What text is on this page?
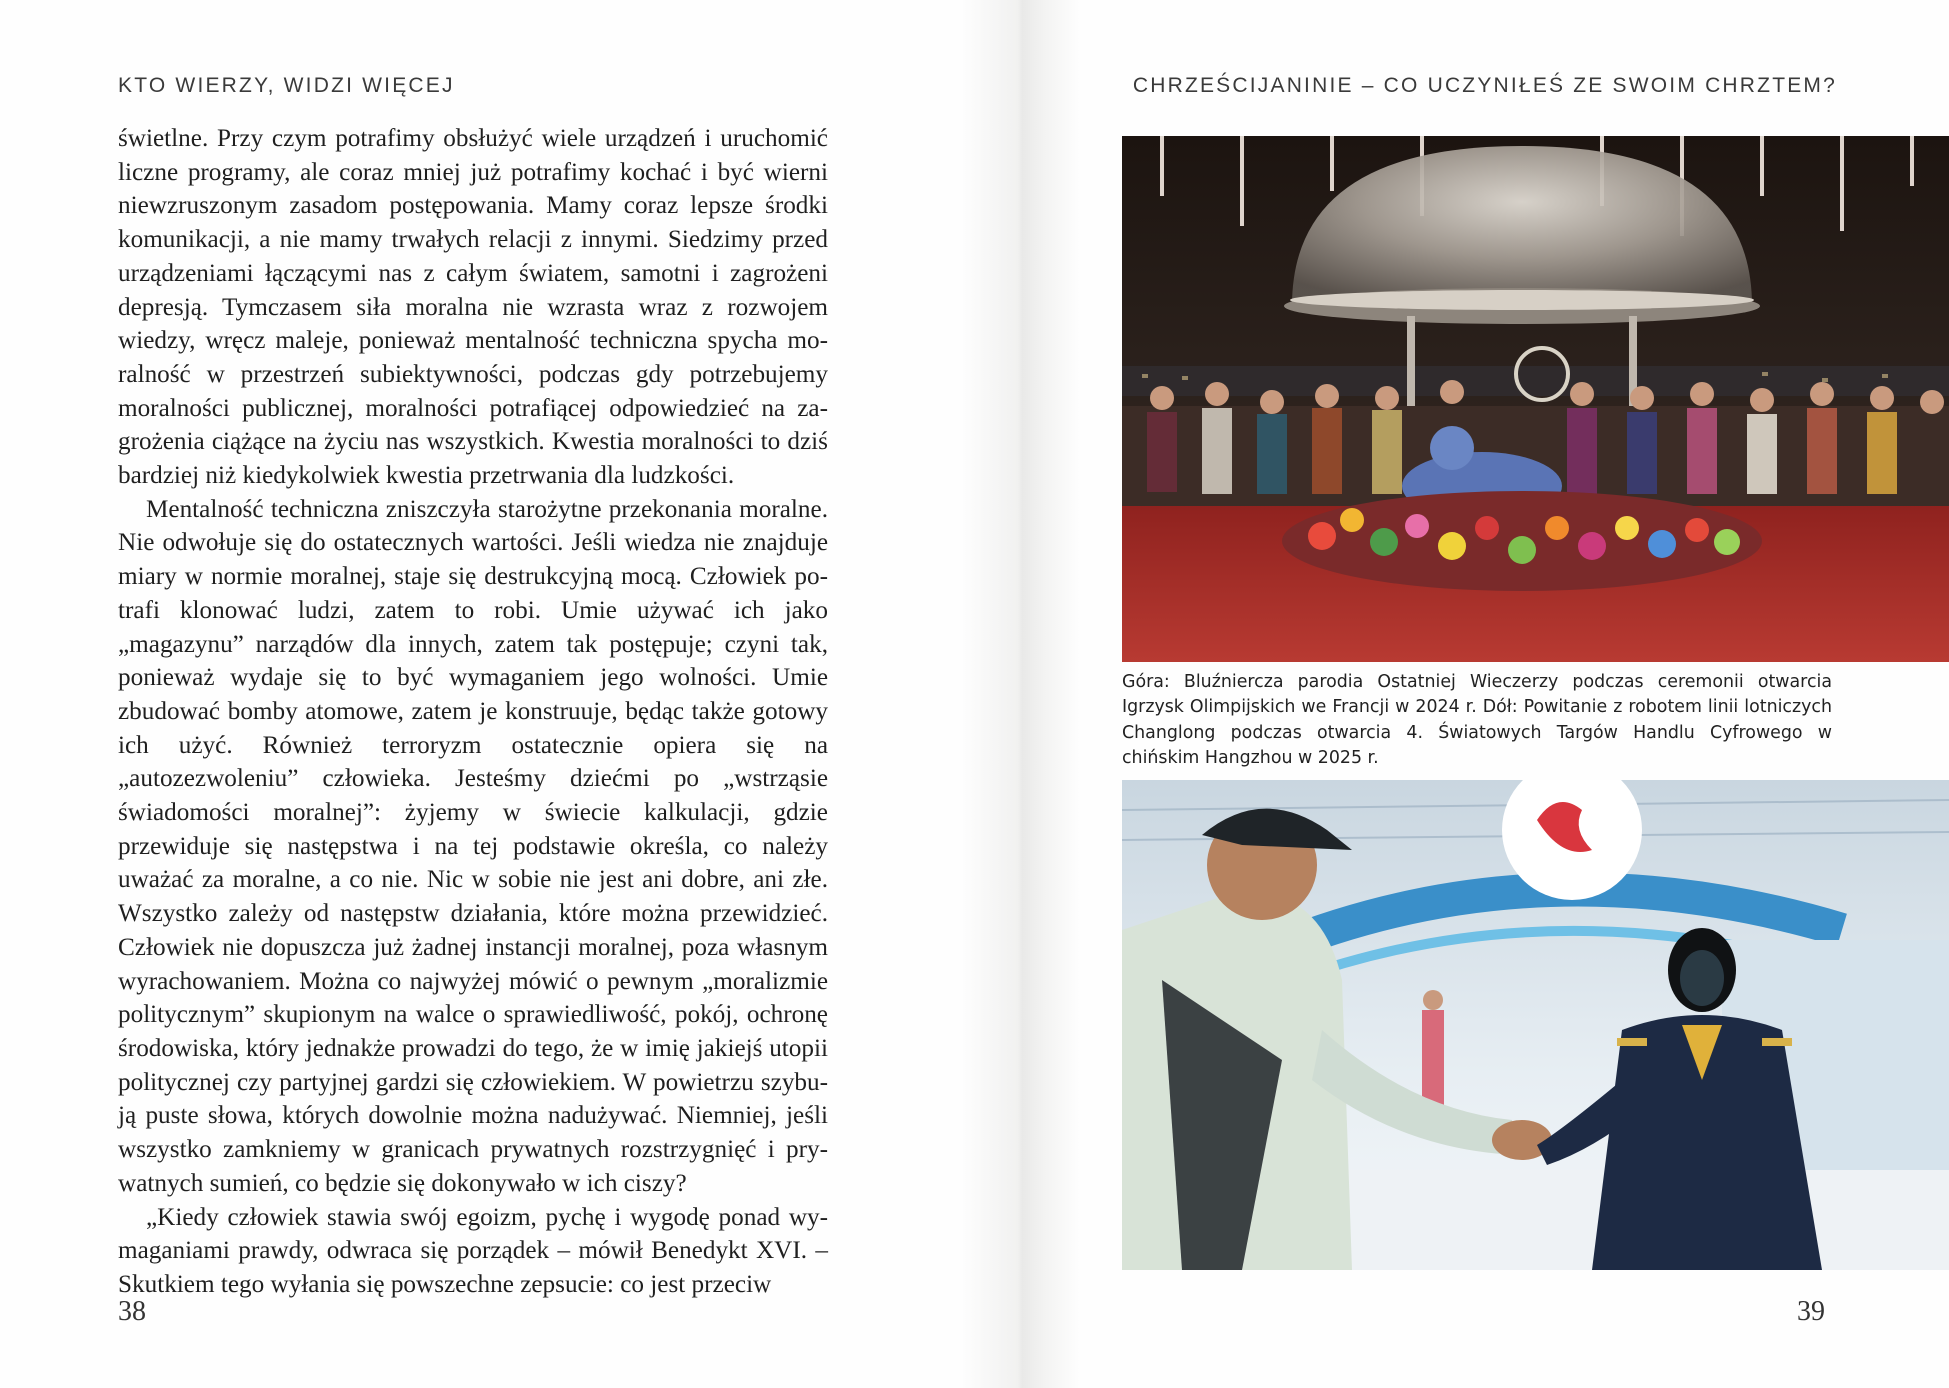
KTO WIERZY, WIDZI WIĘCEJ

świetlne. Przy czym potrafimy obsłużyć wiele urządzeń i uruchomić liczne programy, ale coraz mniej już potrafimy kochać i być wierni niewzruszonym zasadom postępowania. Mamy coraz lepsze środki komunikacji, a nie mamy trwałych relacji z innymi. Siedzimy przed urządzeniami łączącymi nas z całym światem, samotni i zagrożeni depresją. Tymczasem siła moralna nie wzrasta wraz z rozwojem wiedzy, wręcz maleje, ponieważ mentalność techniczna spycha moralność w przestrzeń subiektywności, podczas gdy potrzebujemy moralności publicznej, moralności potrafiącej odpowiedzieć na zagrożenia ciążące na życiu nas wszystkich. Kwestia moralności to dziś bardziej niż kiedykolwiek kwestia przetrwania dla ludzkości.

Mentalność techniczna zniszczyła starożytne przekonania moralne. Nie odwołuje się do ostatecznych wartości. Jeśli wiedza nie znajduje miary w normie moralnej, staje się destrukcyjną mocą. Człowiek potrafi klonować ludzi, zatem to robi. Umie używać ich jako „magazynu” narządów dla innych, zatem tak postępuje; czyni tak, ponieważ wydaje się to być wymaganiem jego wolności. Umie zbudować bomby atomowe, zatem je konstruuje, będąc także gotowy ich użyć. Również terroryzm ostatecznie opiera się na „autozezwoleniu” człowieka. Jesteśmy dziećmi po „wstrząsie świadomości moralnej”: żyjemy w świecie kalkulacji, gdzie przewiduje się następstwa i na tej podstawie określa, co należy uważać za moralne, a co nie. Nic w sobie nie jest ani dobre, ani złe. Wszystko zależy od następstw działania, które można przewidzieć. Człowiek nie dopuszcza już żadnej instancji moralnej, poza własnym wyrachowaniem. Można co najwyżej mówić o pewnym „moralizmie politycznym” skupionym na walce o sprawiedliwość, pokój, ochronę środowiska, który jednakże prowadzi do tego, że w imię jakiejś utopii politycznej czy partyjnej gardzi się człowiekiem. W powietrzu szybują puste słowa, których dowolnie można nadużywać. Niemniej, jeśli wszystko zamkniemy w granicach prywatnych rozstrzygnięć i prywatnych sumień, co będzie się dokonywało w ich ciszy?

„Kiedy człowiek stawia swój egoizm, pychę i wygodę ponad wymaganiami prawdy, odwraca się porządek – mówił Benedykt XVI. – Skutkiem tego wyłania się powszechne zepsucie: co jest przeciw

38
CHRZEŚCIJANINIE – CO UCZYNIŁEŚ ZE SWOIM CHRZTEM?
Góra: Bluźniercza parodia Ostatniej Wieczerzy podczas ceremonii otwarcia Igrzysk Olimpijskich we Francji w 2024 r. Dół: Powitanie z robotem linii lotniczych Changlong podczas otwarcia 4. Światowych Targów Handlu Cyfrowego w chińskim Hangzhou w 2025 r.
39
